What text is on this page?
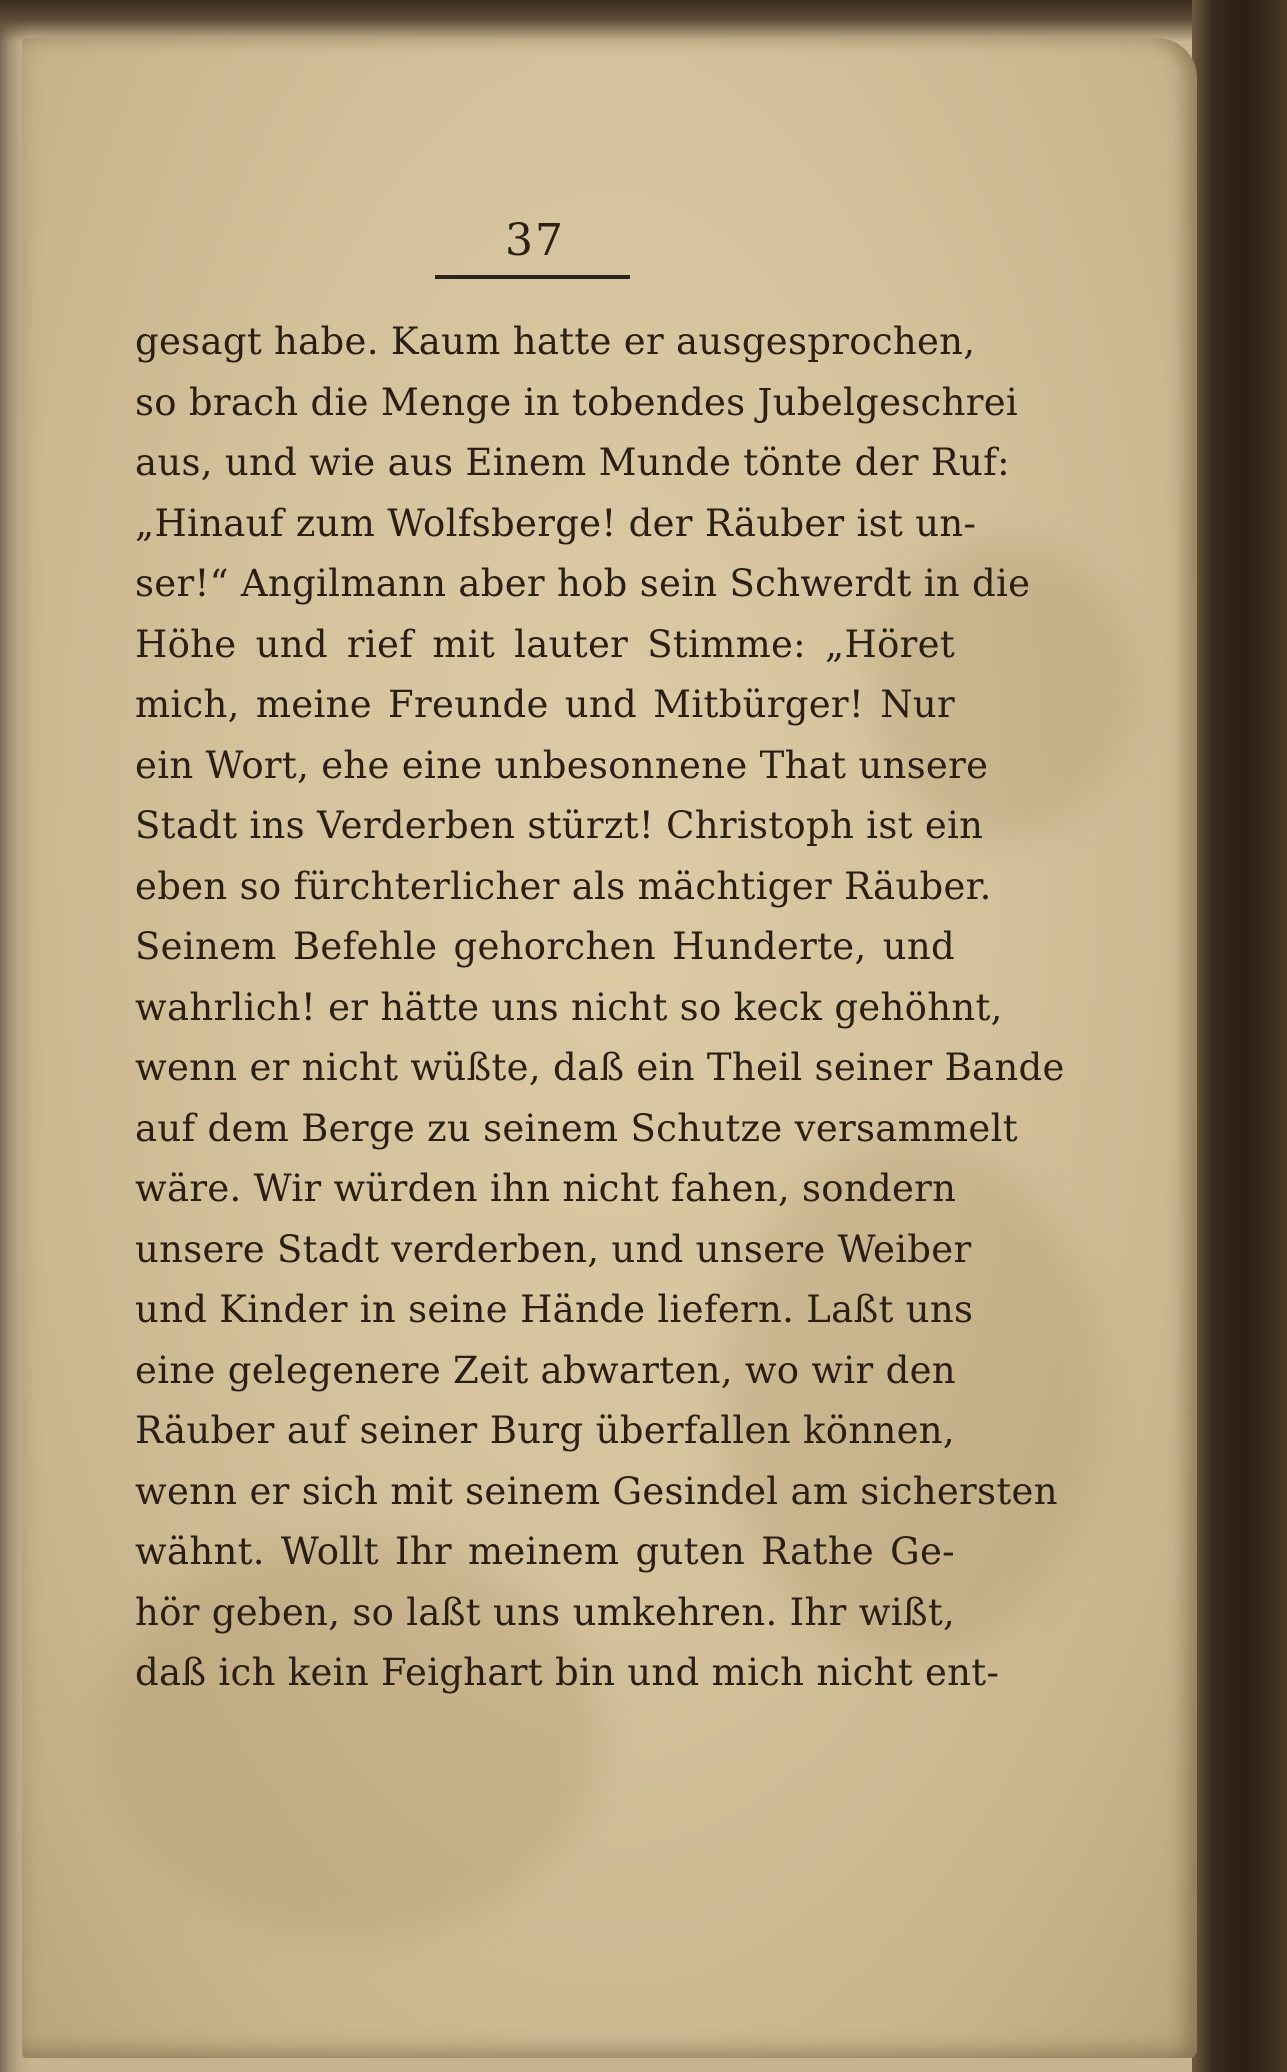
37
gesagt habe. Kaum hatte er ausgesprochen,
so brach die Menge in tobendes Jubelgeschrei
aus, und wie aus Einem Munde tönte der Ruf:
„Hinauf zum Wolfsberge! der Räuber ist un-
ser!“ Angilmann aber hob sein Schwerdt in die
Höhe und rief mit lauter Stimme: „Höret
mich, meine Freunde und Mitbürger! Nur
ein Wort, ehe eine unbesonnene That unsere
Stadt ins Verderben stürzt! Christoph ist ein
eben so fürchterlicher als mächtiger Räuber.
Seinem Befehle gehorchen Hunderte, und
wahrlich! er hätte uns nicht so keck gehöhnt,
wenn er nicht wüßte, daß ein Theil seiner Bande
auf dem Berge zu seinem Schutze versammelt
wäre. Wir würden ihn nicht fahen, sondern
unsere Stadt verderben, und unsere Weiber
und Kinder in seine Hände liefern. Laßt uns
eine gelegenere Zeit abwarten, wo wir den
Räuber auf seiner Burg überfallen können,
wenn er sich mit seinem Gesindel am sichersten
wähnt. Wollt Ihr meinem guten Rathe Ge-
hör geben, so laßt uns umkehren. Ihr wißt,
daß ich kein Feighart bin und mich nicht ent-
